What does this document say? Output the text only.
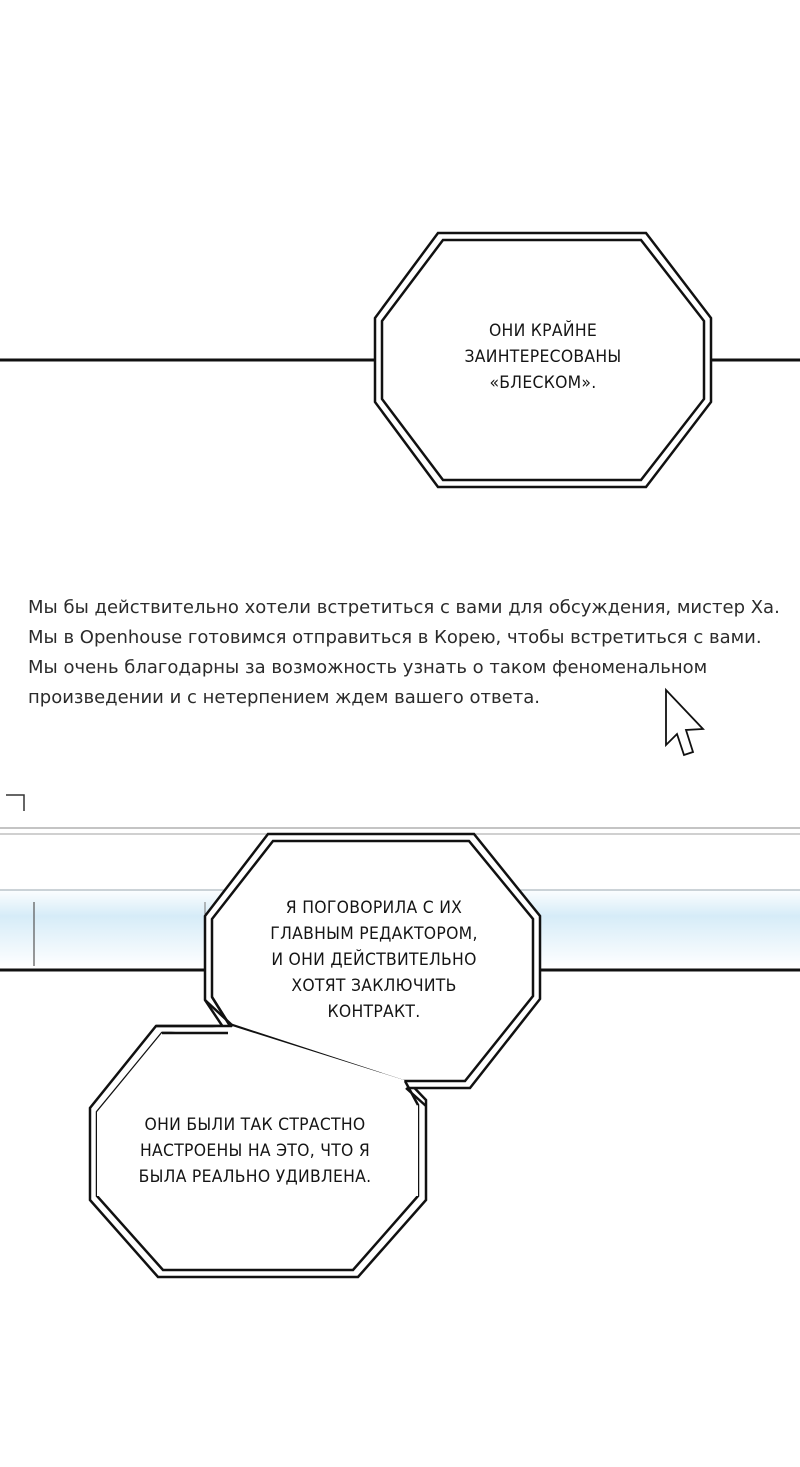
ОНИ КРАЙНЕ
ЗАИНТЕРЕСОВАНЫ
«БЛЕСКОМ».

Мы бы действительно хотели встретиться с вами для обсуждения, мистер Ха.

Мы в Openhouse готовимся отправиться в Корею, чтобы встретиться с вами.

Мы очень благодарны за возможность узнать о таком феноменальном

произведении и с нетерпением ждем вашего ответа.

Я ПОГОВОРИЛА С ИХ
ГЛАВНЫМ РЕДАКТОРОМ,
И ОНИ ДЕЙСТВИТЕЛЬНО
ХОТЯТ ЗАКЛЮЧИТЬ
КОНТРАКТ.
ОНИ БЫЛИ ТАК СТРАСТНО
НАСТРОЕНЫ НА ЭТО, ЧТО Я
БЫЛА РЕАЛЬНО УДИВЛЕНА.
